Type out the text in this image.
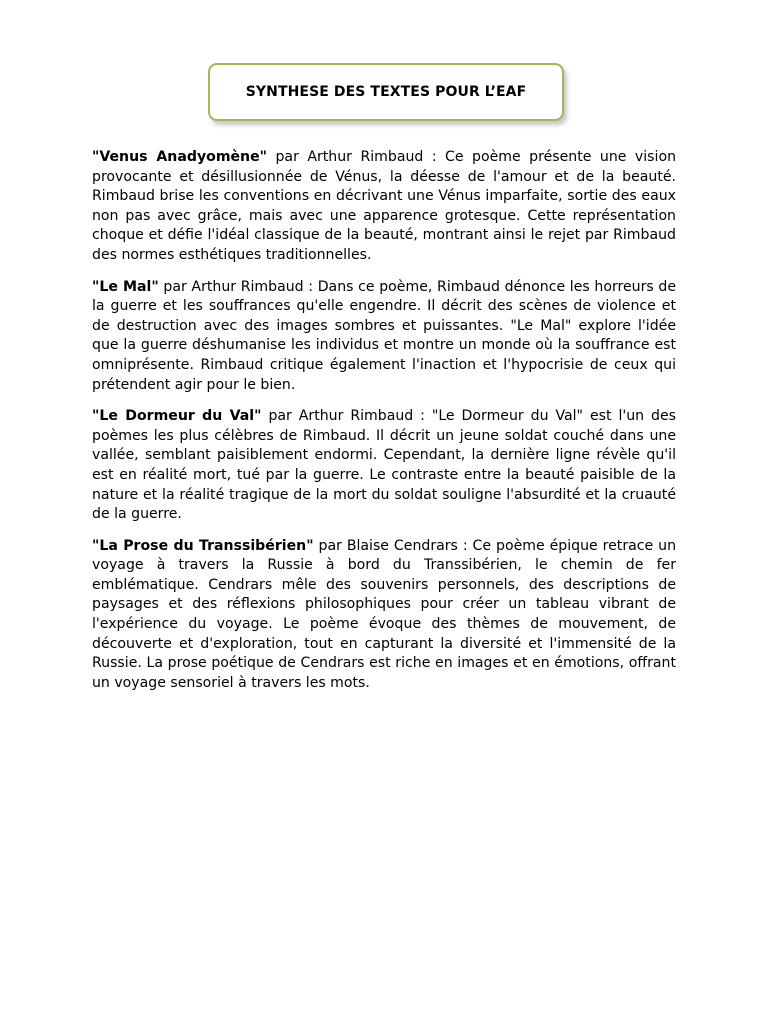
SYNTHESE DES TEXTES POUR L’EAF

"Venus Anadyomène" par Arthur Rimbaud : Ce poème présente une vision provocante et désillusionnée de Vénus, la déesse de l'amour et de la beauté. Rimbaud brise les conventions en décrivant une Vénus imparfaite, sortie des eaux non pas avec grâce, mais avec une apparence grotesque. Cette représentation choque et défie l'idéal classique de la beauté, montrant ainsi le rejet par Rimbaud des normes esthétiques traditionnelles.

"Le Mal" par Arthur Rimbaud : Dans ce poème, Rimbaud dénonce les horreurs de la guerre et les souffrances qu'elle engendre. Il décrit des scènes de violence et de destruction avec des images sombres et puissantes. "Le Mal" explore l'idée que la guerre déshumanise les individus et montre un monde où la souffrance est omniprésente. Rimbaud critique également l'inaction et l'hypocrisie de ceux qui prétendent agir pour le bien.

"Le Dormeur du Val" par Arthur Rimbaud : "Le Dormeur du Val" est l'un des poèmes les plus célèbres de Rimbaud. Il décrit un jeune soldat couché dans une vallée, semblant paisiblement endormi. Cependant, la dernière ligne révèle qu'il est en réalité mort, tué par la guerre. Le contraste entre la beauté paisible de la nature et la réalité tragique de la mort du soldat souligne l'absurdité et la cruauté de la guerre.

"La Prose du Transsibérien" par Blaise Cendrars : Ce poème épique retrace un voyage à travers la Russie à bord du Transsibérien, le chemin de fer emblématique. Cendrars mêle des souvenirs personnels, des descriptions de paysages et des réflexions philosophiques pour créer un tableau vibrant de l'expérience du voyage. Le poème évoque des thèmes de mouvement, de découverte et d'exploration, tout en capturant la diversité et l'immensité de la Russie. La prose poétique de Cendrars est riche en images et en émotions, offrant un voyage sensoriel à travers les mots.
